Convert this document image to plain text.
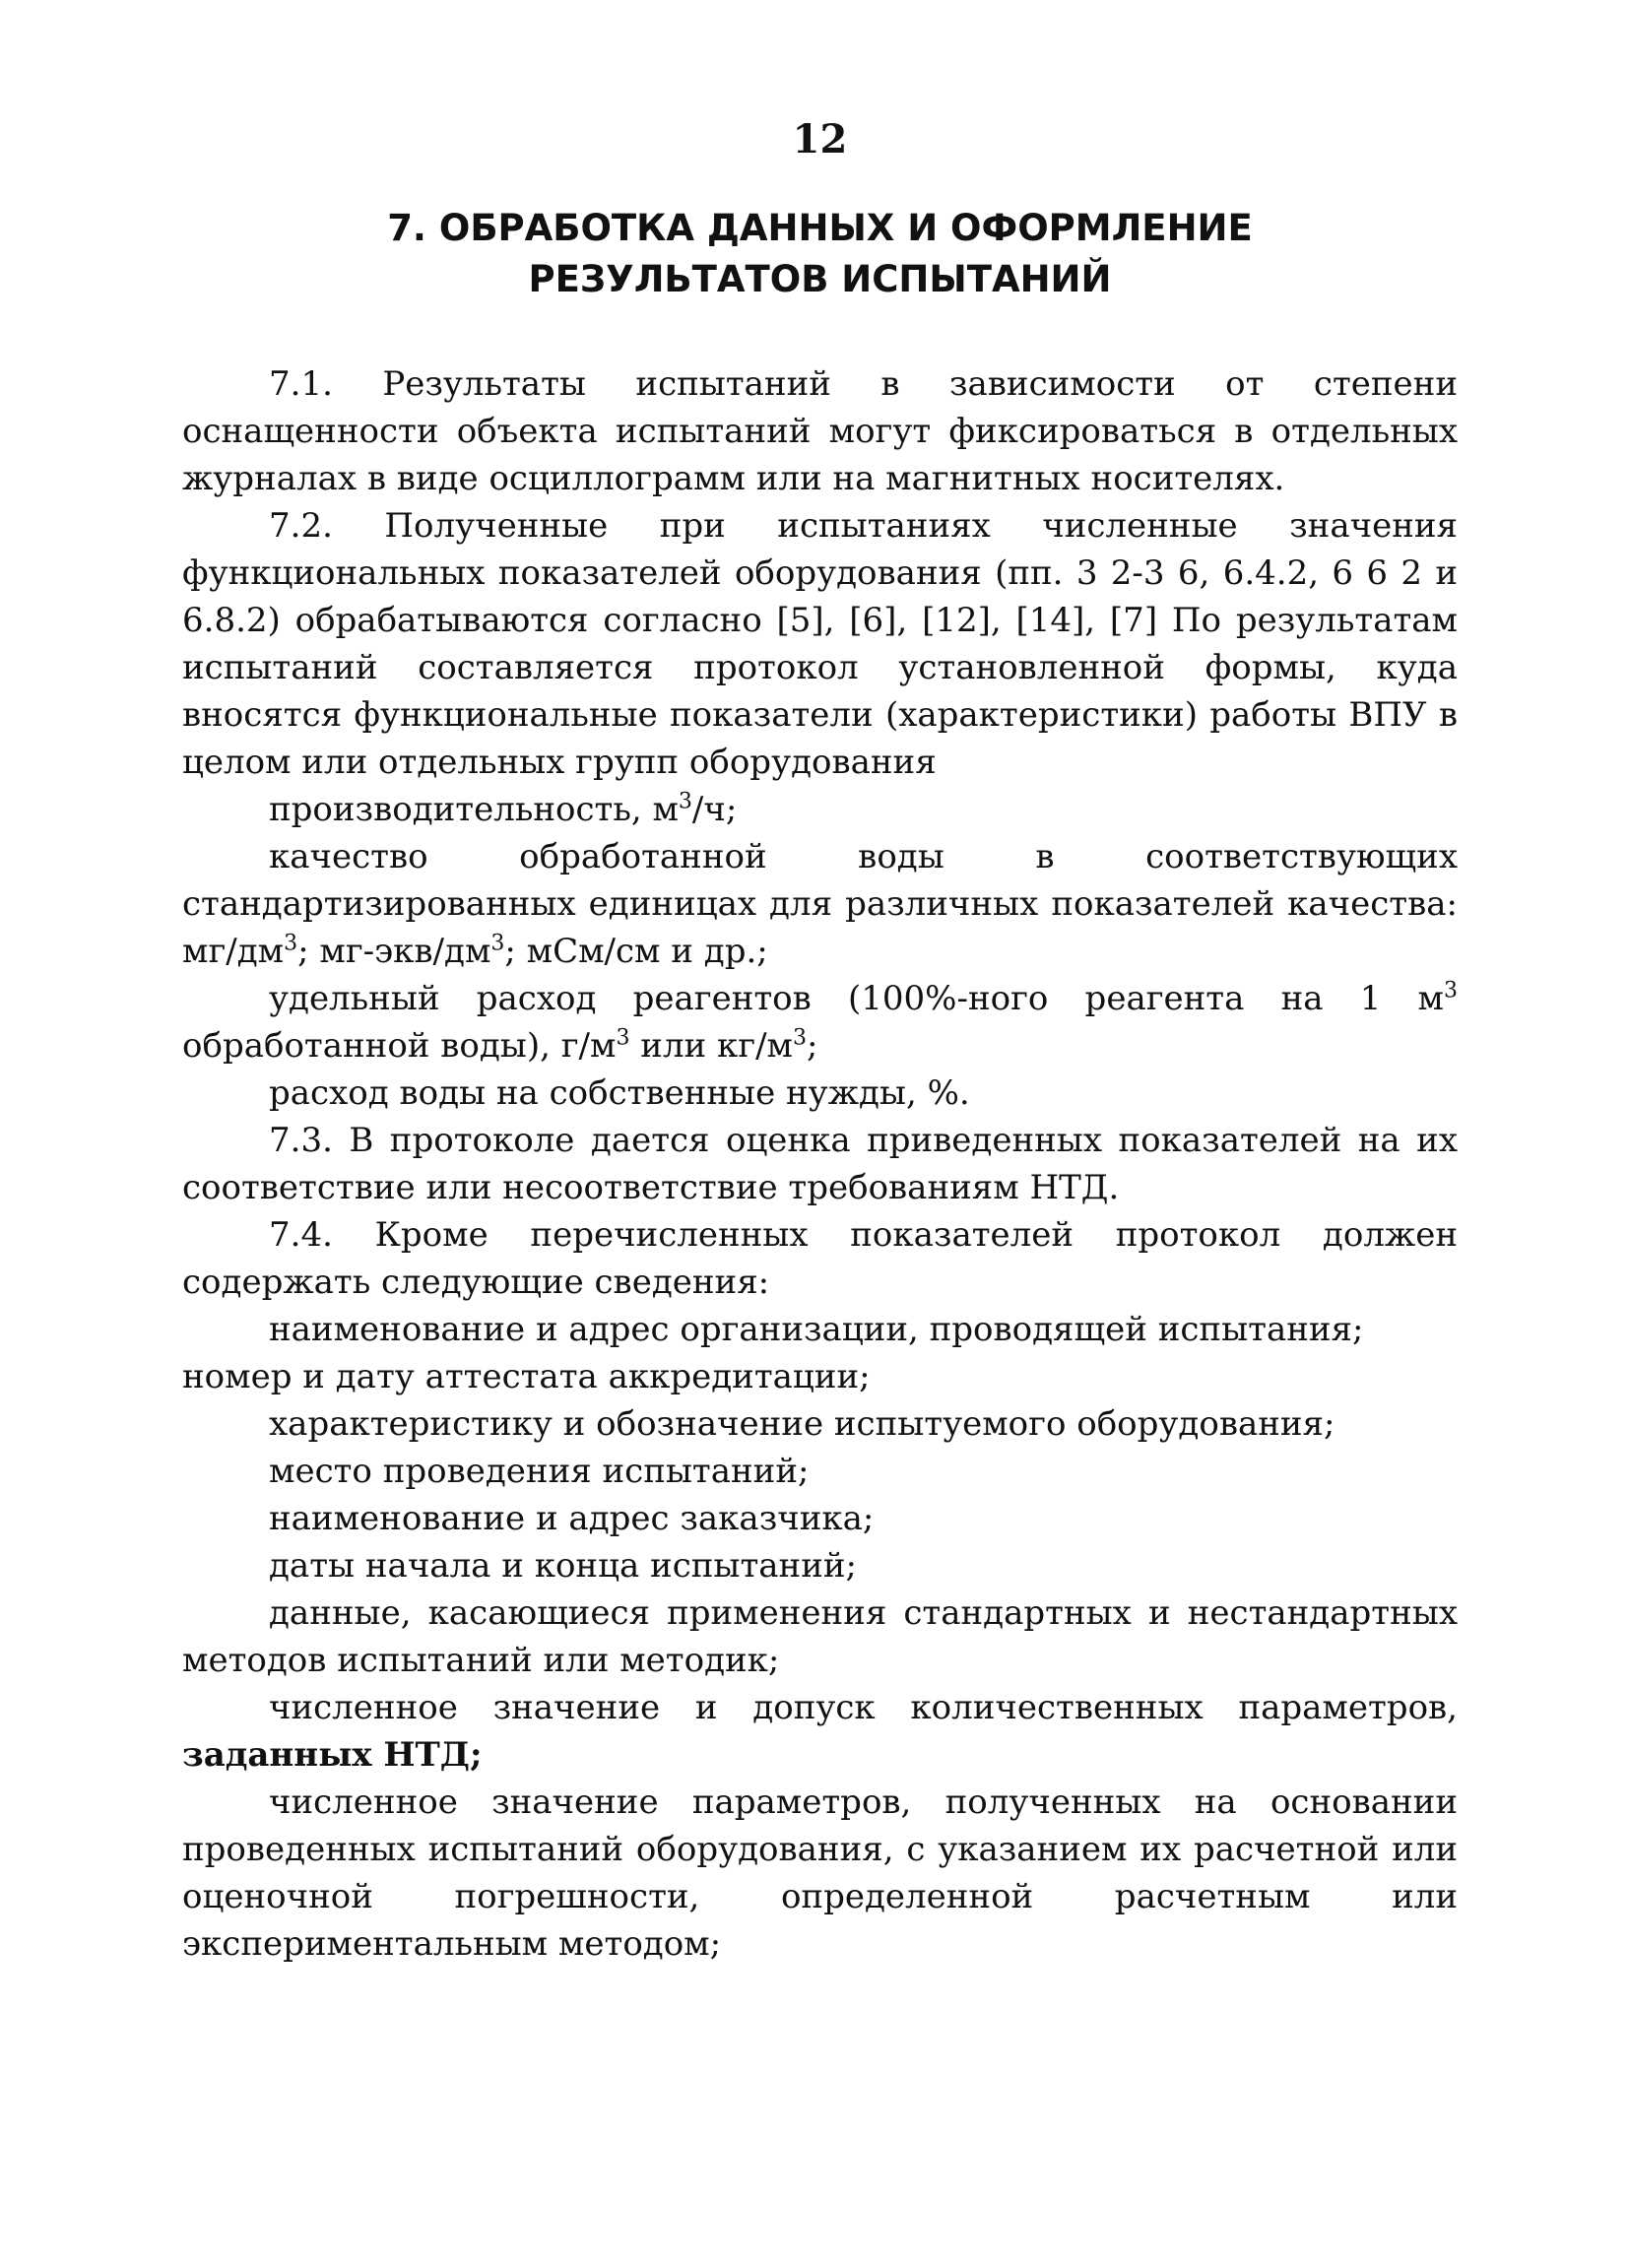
12
7. ОБРАБОТКА ДАННЫХ И ОФОРМЛЕНИЕ
РЕЗУЛЬТАТОВ ИСПЫТАНИЙ

7.1. Результаты испытаний в зависимости от степени оснащенности объекта испытаний могут фиксироваться в отдельных журналах в виде осциллограмм или на магнитных носителях.

7.2. Полученные при испытаниях численные значения функциональных показателей оборудования (пп. 3 2-3 6, 6.4.2, 6 6 2 и 6.8.2) обрабатываются согласно [5], [6], [12], [14], [7] По результатам испытаний составляется протокол установленной формы, куда вносятся функциональные показатели (характеристики) работы ВПУ в целом или отдельных групп оборудования

производительность, $м^3/ч$;

качество обработанной воды в соответствующих стандартизированных единицах для различных показателей качества: $мг/дм^3$; $мг-экв/дм^3$; мСм/см и др.;

удельный расход реагентов (100%-ного реагента на 1 $м^3$ обработанной воды), $г/м^3$ или $кг/м^3$;

расход воды на собственные нужды, %.

7.3. В протоколе дается оценка приведенных показателей на их соответствие или несоответствие требованиям НТД.

7.4. Кроме перечисленных показателей протокол должен содержать следующие сведения:

наименование и адрес организации, проводящей испытания;

номер и дату аттестата аккредитации;

характеристику и обозначение испытуемого оборудования;

место проведения испытаний;

наименование и адрес заказчика;

даты начала и конца испытаний;

данные, касающиеся применения стандартных и нестандартных методов испытаний или методик;

численное значение и допуск количественных параметров, заданных НТД;

численное значение параметров, полученных на основании проведенных испытаний оборудования, с указанием их расчетной или оценочной погрешности, определенной расчетным или экспериментальным методом;
